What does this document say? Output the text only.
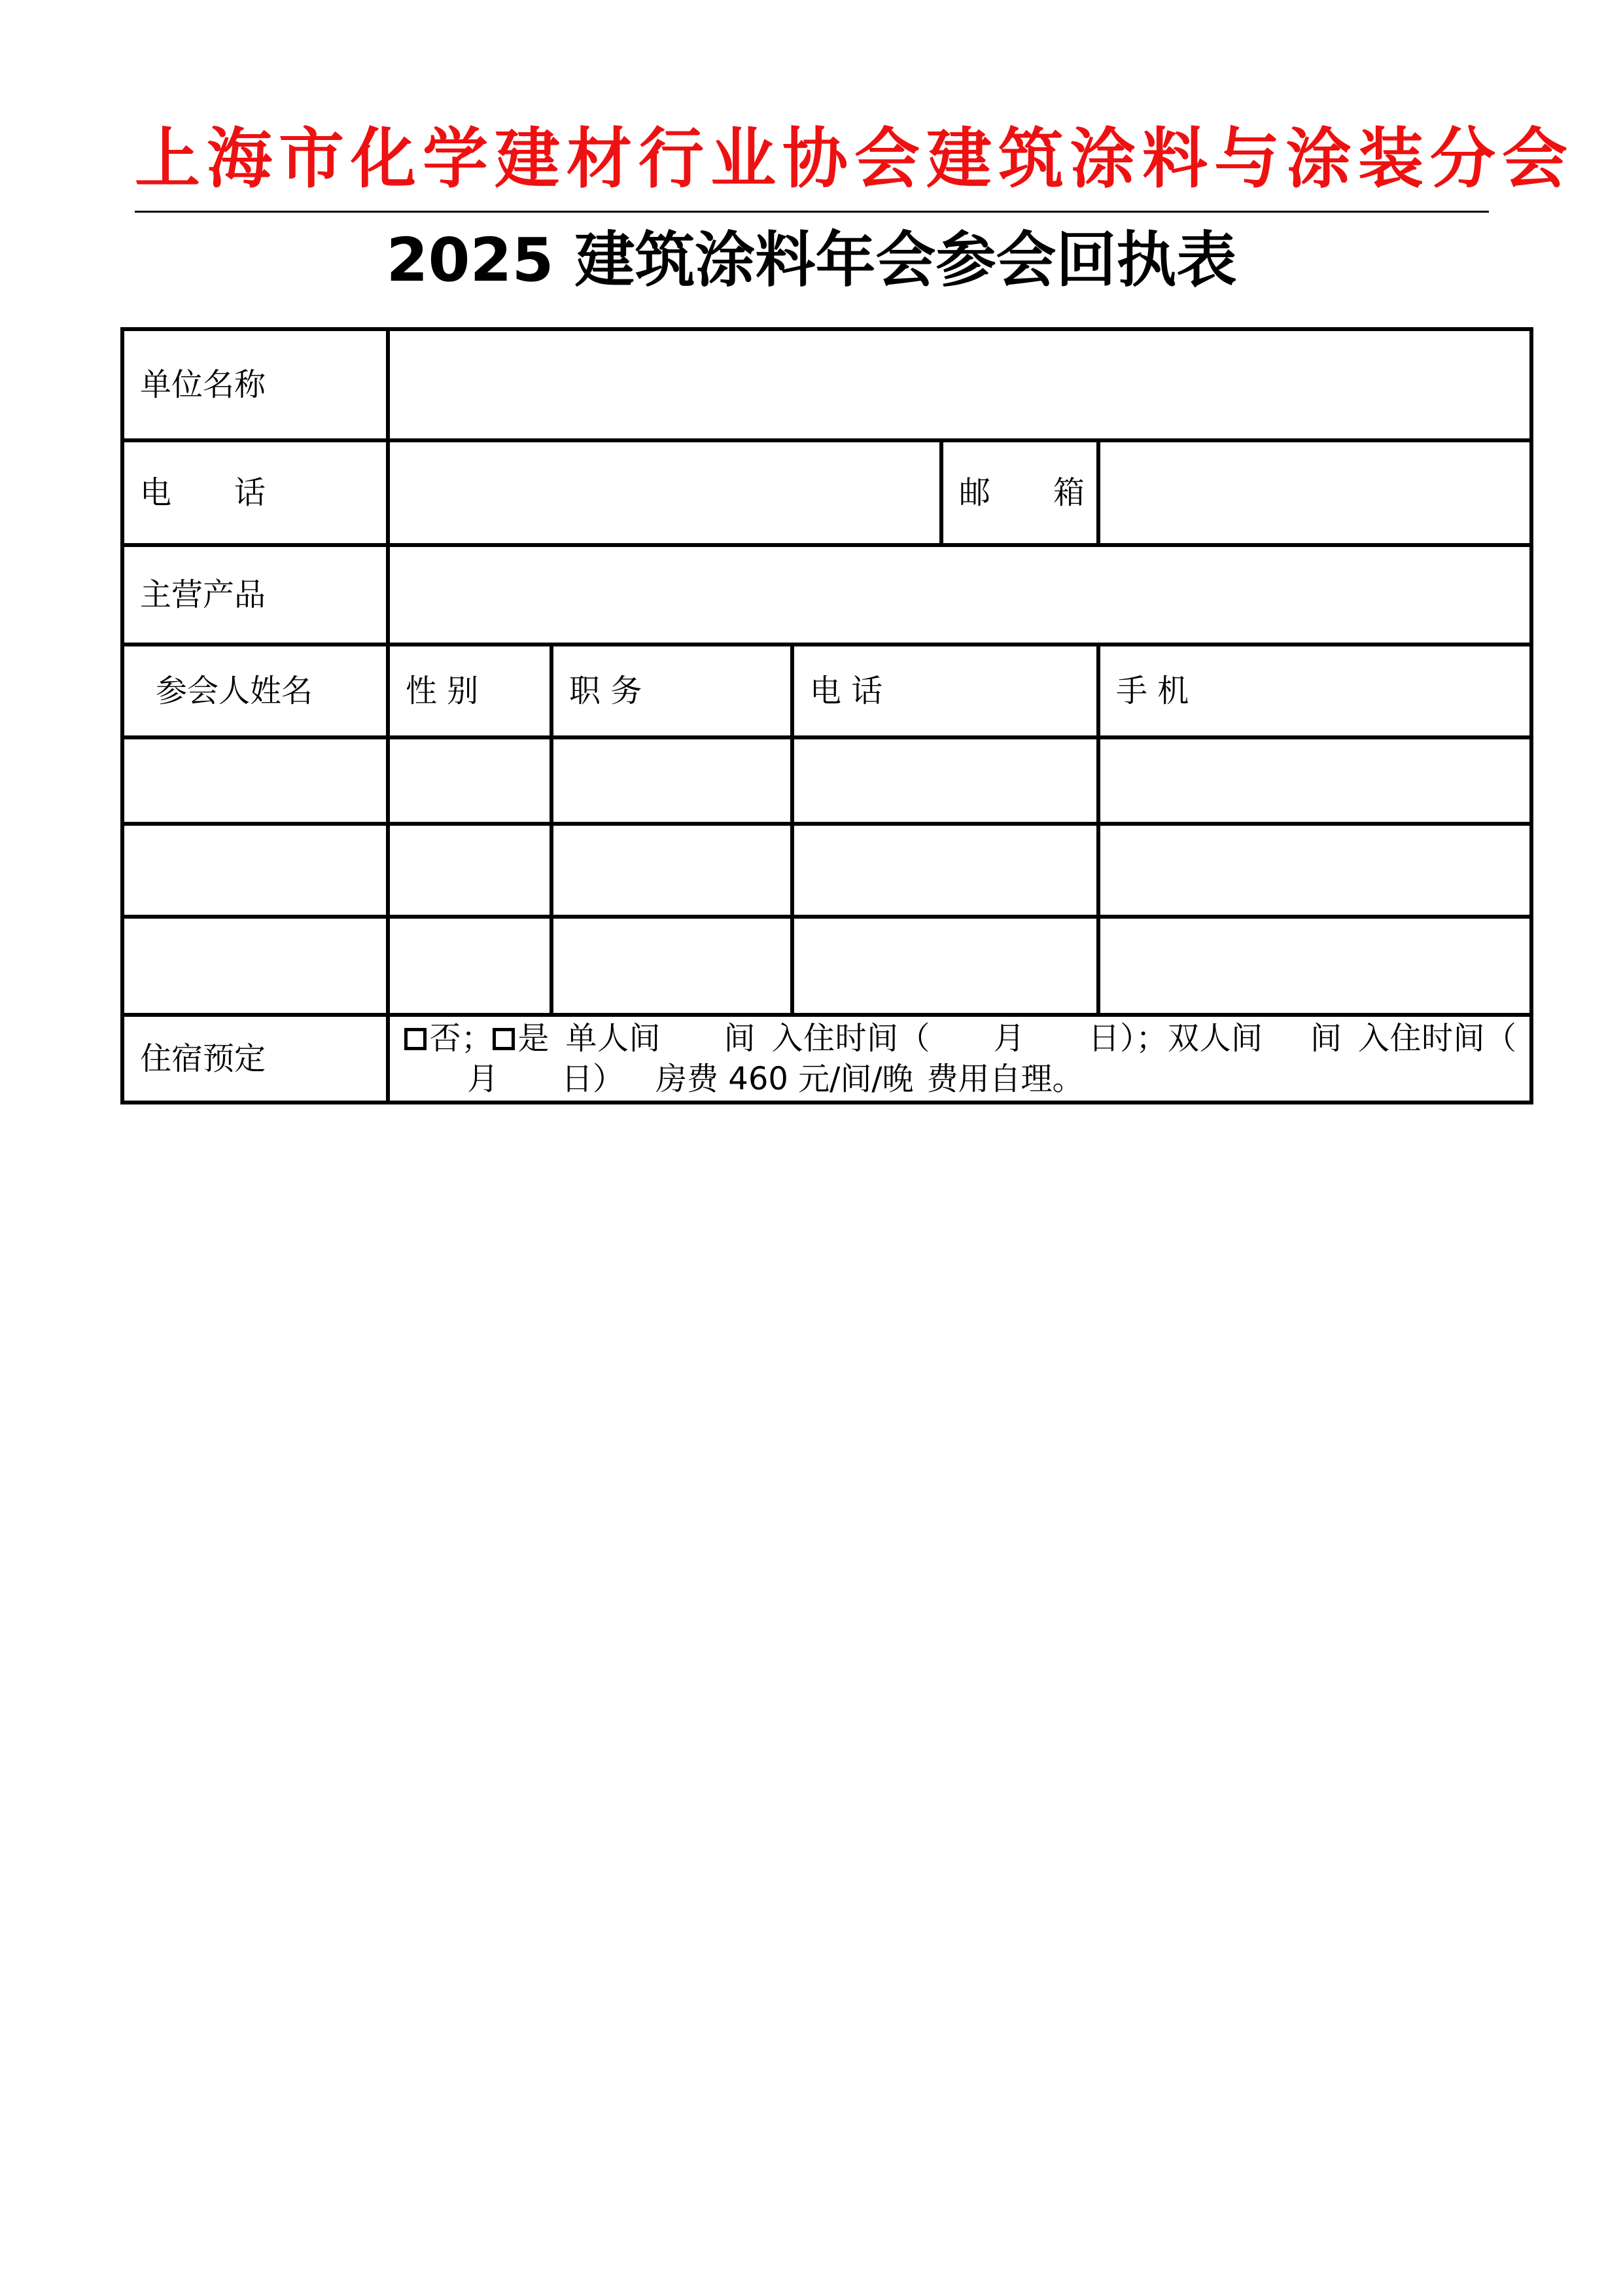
上海市化学建材行业协会建筑涂料与涂装分会
2025 建筑涂料年会参会回执表
单位名称					
电　　话				邮　　箱	
主营产品					
参会人姓名	性 别	职 务	电 话		手 机

住宿预定	否； 是 单人间 间 入住时间（ 月 日）；双人间 间 入住时间（月 日） 房费 460 元/间/晚 费用自理。				
